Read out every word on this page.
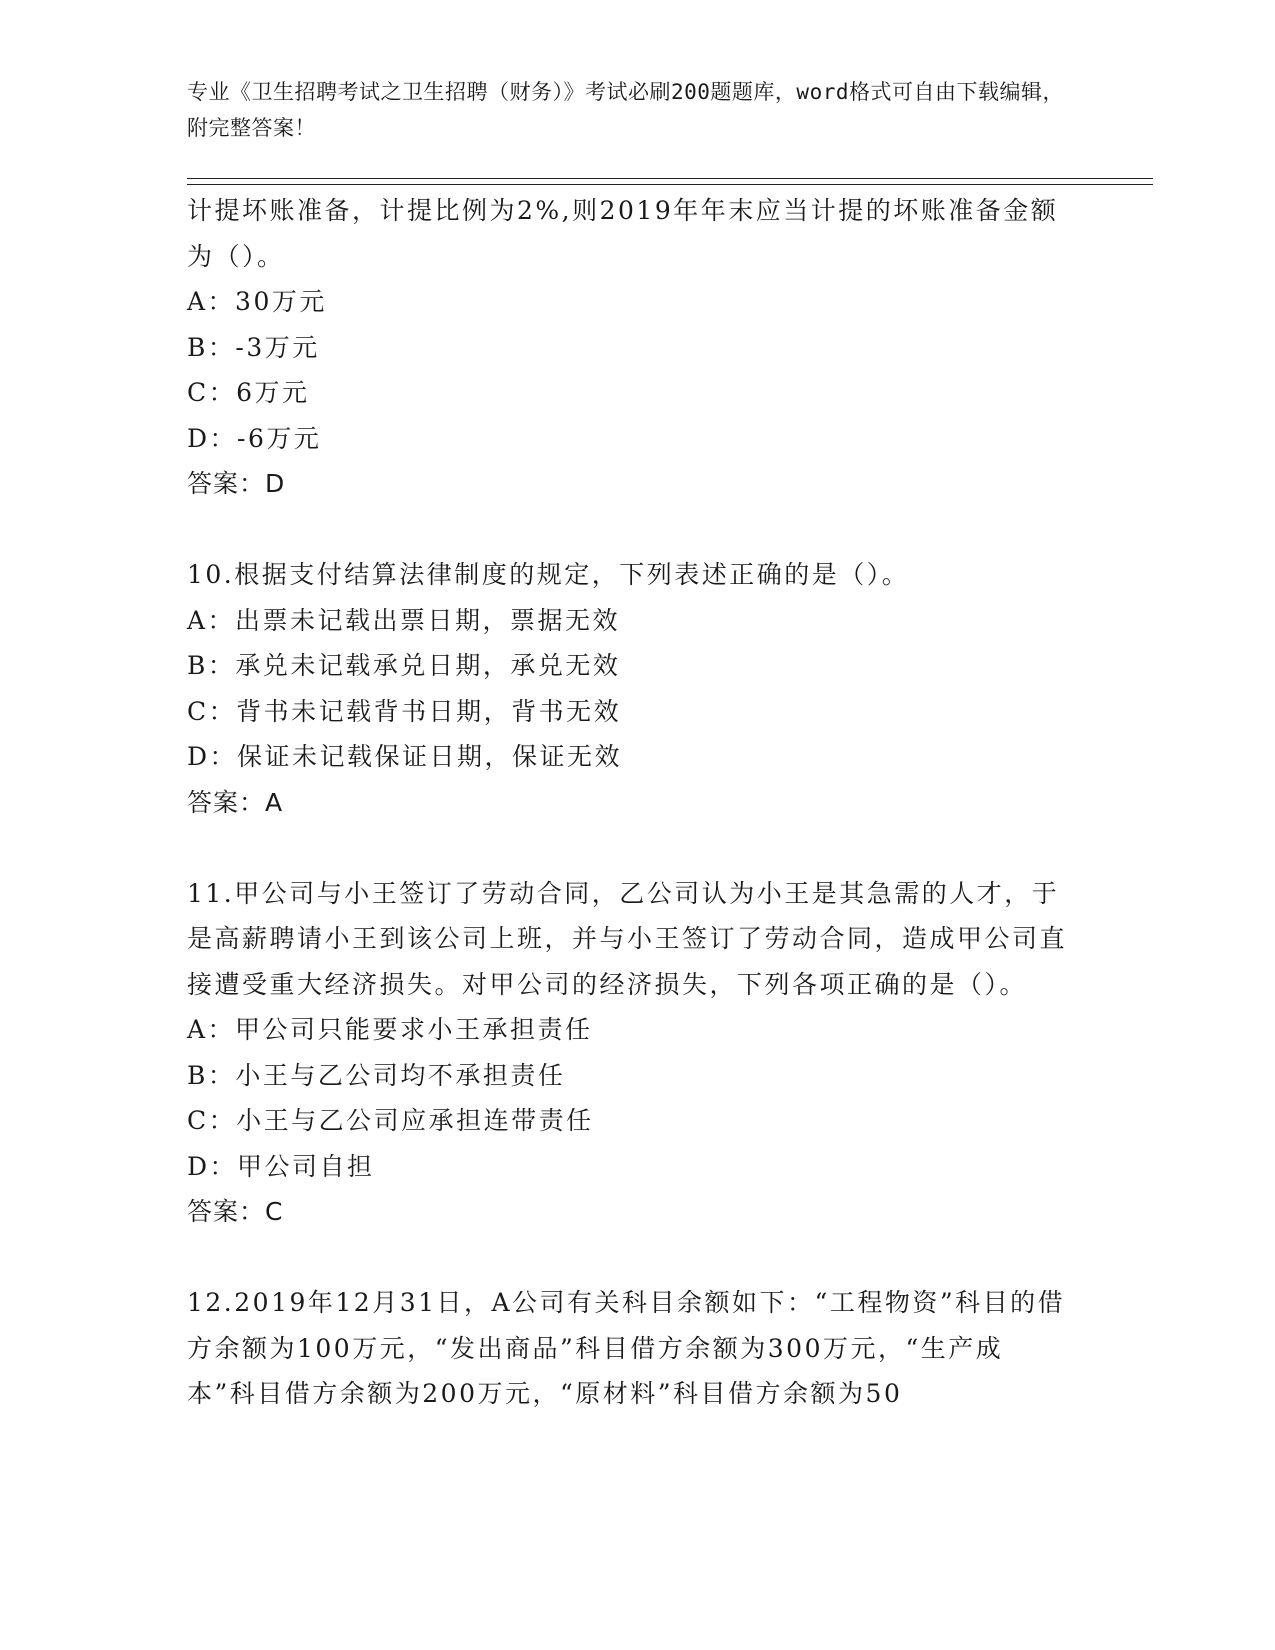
专业《卫生招聘考试之卫生招聘（财务）》考试必刷200题题库，word格式可自由下载编辑，附完整答案！

计提坏账准备，计提比例为2%,则2019年年末应当计提的坏账准备金额为（）。

A：30万元

B：-3万元

C：6万元

D：-6万元

答案：D

10.根据支付结算法律制度的规定，下列表述正确的是（）。

A：出票未记载出票日期，票据无效

B：承兑未记载承兑日期，承兑无效

C：背书未记载背书日期，背书无效

D：保证未记载保证日期，保证无效

答案：A

11.甲公司与小王签订了劳动合同，乙公司认为小王是其急需的人才，于是高薪聘请小王到该公司上班，并与小王签订了劳动合同，造成甲公司直接遭受重大经济损失。对甲公司的经济损失，下列各项正确的是（）。

A：甲公司只能要求小王承担责任

B：小王与乙公司均不承担责任

C：小王与乙公司应承担连带责任

D：甲公司自担

答案：C

12.2019年12月31日，A公司有关科目余额如下：“工程物资”科目的借方余额为100万元，“发出商品”科目借方余额为300万元，“生产成本”科目借方余额为200万元，“原材料”科目借方余额为50
